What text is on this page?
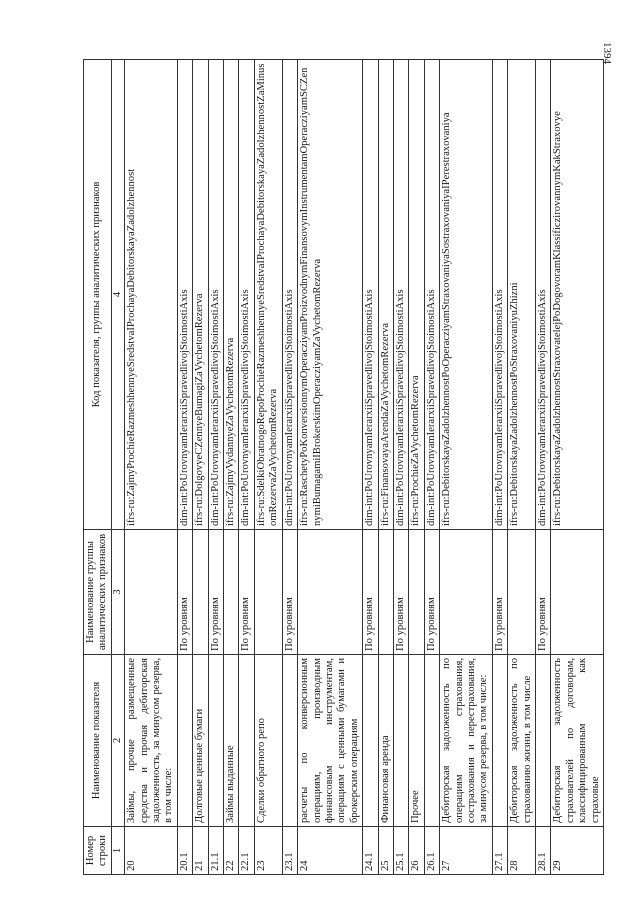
1394
Номер строки	Наименование показателя	Наименование группы аналитических признаков	Код показателя, группы аналитических признаков
1	2	3	4
20	Займы, прочие размещенные средства и прочая дебиторская задолженность, за минусом резерва, в том числе:		ifrs-ru:ZajmyProchieRazmeshhennyeSredstvaIProchayaDebitorskayaZadolzhennost
20.1		По уровням	dim-int:PoUrovnyamIerarxiiSpravedlivojStoimostiAxis
21	Долговые ценные бумаги		ifrs-ru:DolgovyeCZennyeBumagiZaVychetomRezerva
21.1		По уровням	dim-int:PoUrovnyamIerarxiiSpravedlivojStoimostiAxis
22	Займы выданные		ifrs-ru:ZajmyVydannyeZaVychetomRezerva
22.1		По уровням	dim-int:PoUrovnyamIerarxiiSpravedlivojStoimostiAxis
23	Сделки обратного репо		ifrs-ru:SdelkiObratnogoRepoProchieRazmeshhennyeSredstvaIProchayaDebitorskayaZadolzhennostZaMinusomRezervaZaVychetomRezerva
23.1		По уровням	dim-int:PoUrovnyamIerarxiiSpravedlivojStoimostiAxis
24	расчеты по конверсионным операциям, производным финансовым инструментам, операциям с ценными бумагами и брокерским операциям		ifrs-ru:RaschetyPoKonversionnymOperacziyamProizvodnymFinansovymInstrumentamOperacziyamSCZennymiBumagamiIBrokerskimOperacziyamZaVychetomRezerva
24.1		По уровням	dim-int:PoUrovnyamIerarxiiSpravedlivojStoimostiAxis
25	Финансовая аренда		ifrs-ru:FinansovayaArendaZaVychetomRezerva
25.1		По уровням	dim-int:PoUrovnyamIerarxiiSpravedlivojStoimostiAxis
26	Прочее		ifrs-ru:ProchieZaVychetomRezerva
26.1		По уровням	dim-int:PoUrovnyamIerarxiiSpravedlivojStoimostiAxis
27	Дебиторская задолженность по операциям страхования, сострахования и перестрахования, за минусом резерва, в том числе:		ifrs-ru:DebitorskayaZadolzhennostPoOperacziyamStraxovaniyaSostraxovaniyaIPerestraxovaniya
27.1		По уровням	dim-int:PoUrovnyamIerarxiiSpravedlivojStoimostiAxis
28	Дебиторская задолженность по страхованию жизни, в том числе		ifrs-ru:DebitorskayaZadolzhennostPoStraxovaniyuZhizni
28.1		По уровням	dim-int:PoUrovnyamIerarxiiSpravedlivojStoimostiAxis
29	Дебиторская задолженность страхователей по договорам, классифицированным как страховые		ifrs-ru:DebitorskayaZadolzhennostStraxovatelejPoDogovoramKlassificzirovannymKakStraxovye
